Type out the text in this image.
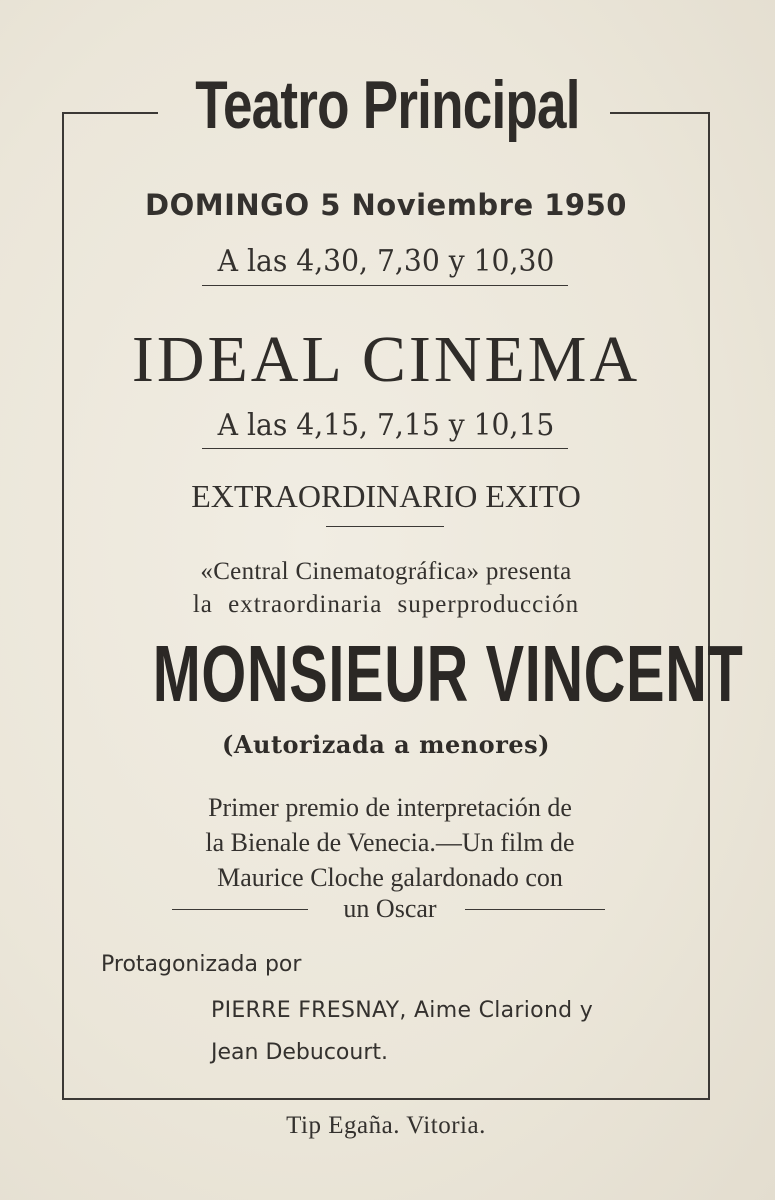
Teatro Principal
DOMINGO 5 Noviembre 1950
A las 4,30, 7,30 y 10,30
IDEAL CINEMA
A las 4,15, 7,15 y 10,15
EXTRAORDINARIO EXITO
«Central Cinematográfica» presenta
la extraordinaria superproducción
MONSIEUR VINCENT
(Autorizada a menores)
Primer premio de interpretación de
la Bienale de Venecia.—Un film de
Maurice Cloche galardonado con
un Oscar
Protagonizada por
PIERRE FRESNAY, Aime Clariond y
Jean Debucourt.
Tip Egaña. Vitoria.
